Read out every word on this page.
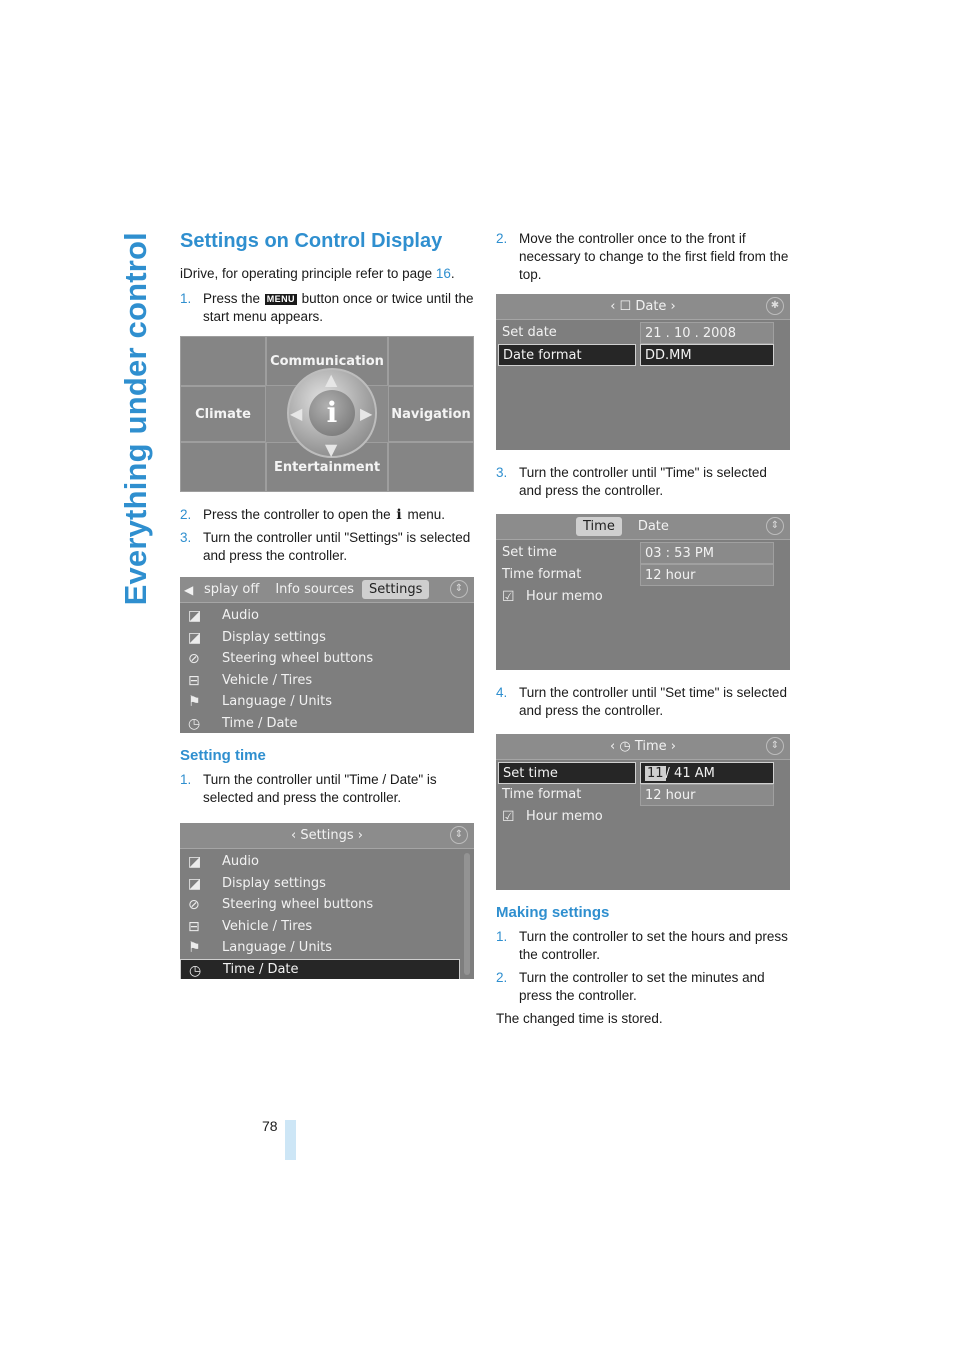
Everything under control
78
Settings on Control Display

iDrive, for operating principle refer to page 16.

1. Press the MENU button once or twice until the start menu appears.
Communication
Climate	Navigation
Entertainment
▲
▼
◀	▶
i
2. Press the controller to open the i menu.
3. Turn the controller until "Settings" is selected and press the controller.
◀ splay off	Info sources	Settings	⇕
◪ Audio
◪ Display settings
⊘ Steering wheel buttons
⊟ Vehicle / Tires
⚑ Language / Units
◷ Time / Date
Setting time
1. Turn the controller until "Time / Date" is selected and press the controller.
‹ Settings ›	⇕
◪ Audio
◪ Display settings
⊘ Steering wheel buttons
⊟ Vehicle / Tires
⚑ Language / Units
◷ Time / Date
2. Move the controller once to the front if necessary to change to the first field from the top.
‹ ☐ Date ›	✱
Set date	21 . 10 . 2008
Date format	DD.MM
3. Turn the controller until "Time" is selected and press the controller.
Time	Date	⇕
Set time	03 : 53 PM
Time format	12 hour
☑ Hour memo
4. Turn the controller until "Set time" is selected and press the controller.
‹ ◷ Time ›	⇕
Set time	11 / 41 AM
Time format	12 hour
☑ Hour memo
Making settings
1. Turn the controller to set the hours and press the controller.
2. Turn the controller to set the minutes and press the controller.

The changed time is stored.
